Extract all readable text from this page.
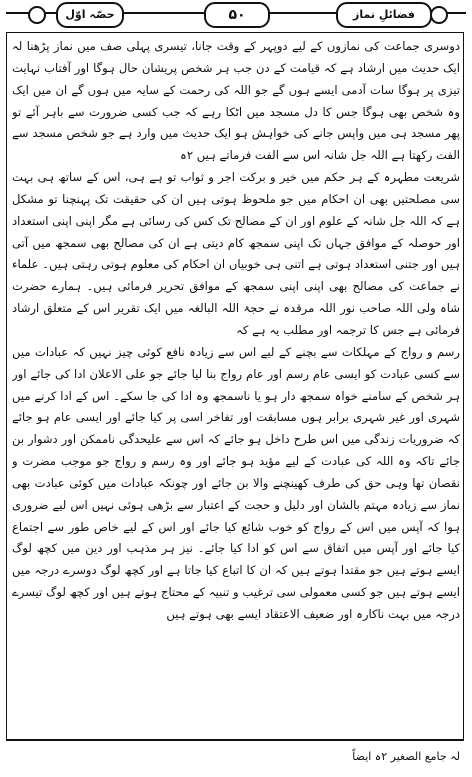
حصّہ اوّل	۵۰	فضائلِ نماز

دوسری جماعت کی نمازوں کے لیے دوپہر کے وقت جانا، تیسری پہلی صف میں نماز پڑھنا لہ ایک حدیث میں ارشاد ہے کہ قیامت کے دن جب ہر شخص پریشان حال ہوگا اور آفتاب نہایت تیزی پر ہوگا سات آدمی ایسے ہوں گے جو اللہ کی رحمت کے سایہ میں ہوں گے ان میں ایک وہ شخص بھی ہوگا جس کا دل مسجد میں اٹکا رہے کہ جب کسی ضرورت سے باہر آئے تو پھر مسجد ہی میں واپس جانے کی خواہش ہو ایک حدیث میں وارد ہے جو شخص مسجد سے الفت رکھتا ہے اللہ جل شانہ اس سے الفت فرماتے ہیں ۲ہ

شریعت مطہرہ کے ہر حکم میں خیر و برکت اجر و ثواب تو ہے ہی، اس کے ساتھ ہی بہت سی مصلحتیں بھی ان احکام میں جو ملحوظ ہوتی ہیں ان کی حقیقت تک پہنچنا تو مشکل ہے کہ اللہ جل شانہ کے علوم اور ان کے مصالح تک کس کی رسائی ہے مگر اپنی اپنی استعداد اور حوصلہ کے موافق جہاں تک اپنی سمجھ کام دیتی ہے ان کی مصالح بھی سمجھ میں آتی ہیں اور جتنی استعداد ہوتی ہے اتنی ہی خوبیاں ان احکام کی معلوم ہوتی رہتی ہیں۔ علماء نے جماعت کی مصالح بھی اپنی اپنی سمجھ کے موافق تحریر فرمائی ہیں۔ ہمارے حضرت شاہ ولی اللہ صاحب نور اللہ مرقدہ نے حجۃ اللہ البالغہ میں ایک تقریر اس کے متعلق ارشاد فرمائی ہے جس کا ترجمہ اور مطلب یہ ہے کہ

رسم و رواج کے مہلکات سے بچنے کے لیے اس سے زیادہ نافع کوئی چیز نہیں کہ عبادات میں سے کسی عبادت کو ایسی عام رسم اور عام رواج بنا لیا جائے جو علی الاعلان ادا کی جائے اور ہر شخص کے سامنے خواہ سمجھ دار ہو یا ناسمجھ وہ ادا کی جا سکے۔ اس کے ادا کرنے میں شہری اور غیر شہری برابر ہوں مسابقت اور تفاخر اسی پر کیا جائے اور ایسی عام ہو جائے کہ ضروریات زندگی میں اس طرح داخل ہو جائے کہ اس سے علیحدگی ناممکن اور دشوار بن جائے تاکہ وہ اللہ کی عبادت کے لیے مؤید ہو جائے اور وہ رسم و رواج جو موجب مضرت و نقصان تھا وہی حق کی طرف کھینچنے والا بن جائے اور چونکہ عبادات میں کوئی عبادت بھی نماز سے زیادہ مہتم بالشان اور دلیل و حجت کے اعتبار سے بڑھی ہوئی نہیں اس لیے ضروری ہوا کہ آپس میں اس کے رواج کو خوب شائع کیا جائے اور اس کے لیے خاص طور سے اجتماع کیا جائے اور آپس میں اتفاق سے اس کو ادا کیا جائے۔ نیز ہر مذہب اور دین میں کچھ لوگ ایسے ہوتے ہیں جو مقتدا ہوتے ہیں کہ ان کا اتباع کیا جاتا ہے اور کچھ لوگ دوسرے درجہ میں ایسے ہوتے ہیں جو کسی معمولی سی ترغیب و تنبیہ کے محتاج ہوتے ہیں اور کچھ لوگ تیسرے درجہ میں بہت ناکارہ اور ضعیف الاعتقاد ایسے بھی ہوتے ہیں

لہ جامع الصغیر ۲ہ ایضاً
